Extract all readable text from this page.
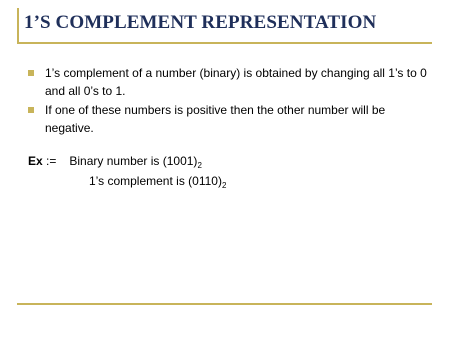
1’S COMPLEMENT REPRESENTATION
1’s complement of a number (binary) is obtained by changing all 1’s to 0 and all 0’s to 1.
If one of these numbers is positive then the other number will be negative.
Ex := Binary number is $(1001)_2$
1’s complement is $(0110)_2$
